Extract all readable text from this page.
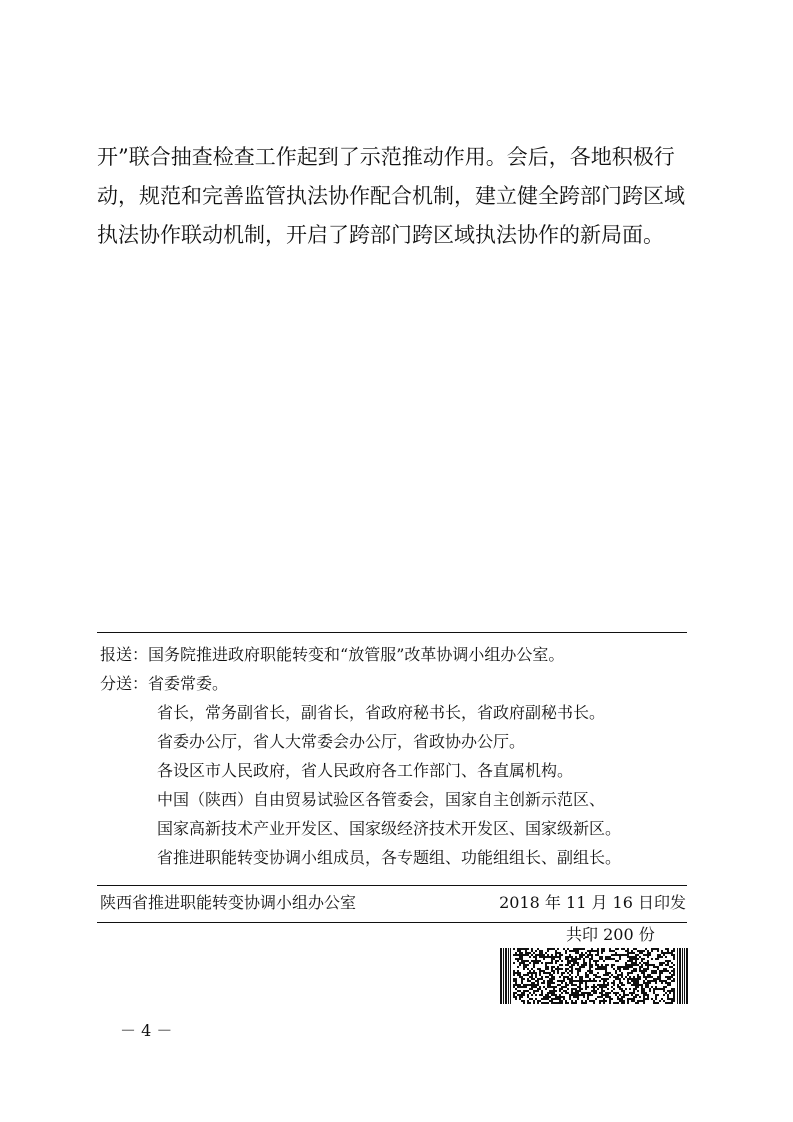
开”联合抽查检查工作起到了示范推动作用。会后，各地积极行
动，规范和完善监管执法协作配合机制，建立健全跨部门跨区域
执法协作联动机制，开启了跨部门跨区域执法协作的新局面。
报送：国务院推进政府职能转变和“放管服”改革协调小组办公室。
分送：省委常委。
省长，常务副省长，副省长，省政府秘书长，省政府副秘书长。
省委办公厅，省人大常委会办公厅，省政协办公厅。
各设区市人民政府，省人民政府各工作部门、各直属机构。
中国（陕西）自由贸易试验区各管委会，国家自主创新示范区、
国家高新技术产业开发区、国家级经济技术开发区、国家级新区。
省推进职能转变协调小组成员，各专题组、功能组组长、副组长。
陕西省推进职能转变协调小组办公室	2018 年 11 月 16 日印发
共印 200 份
－ 4 －
